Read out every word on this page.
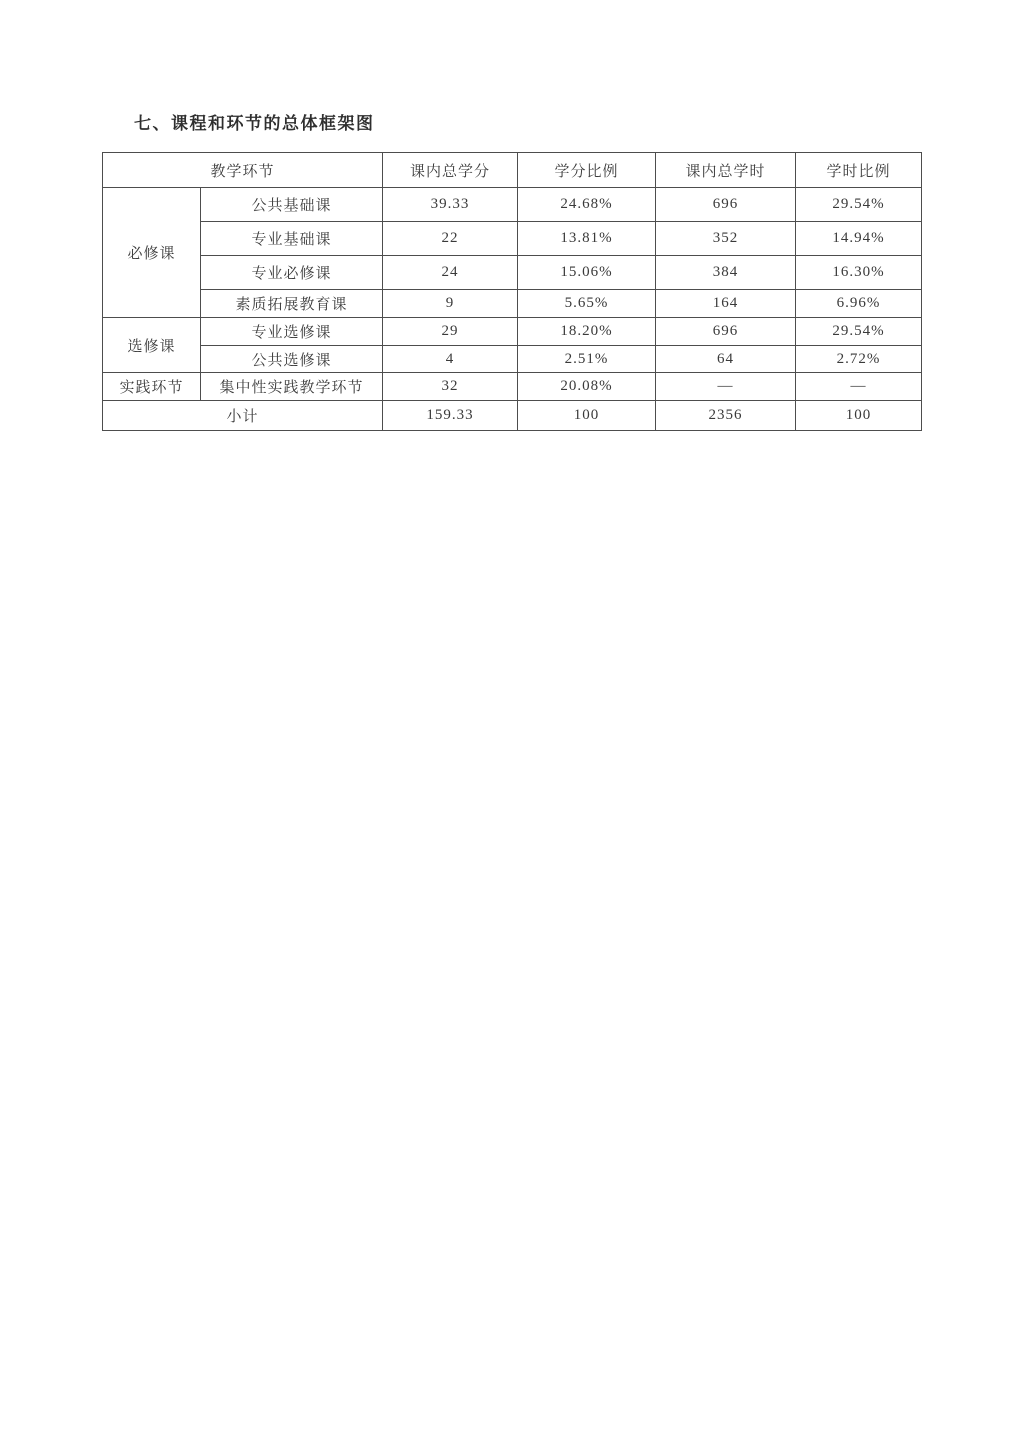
七、课程和环节的总体框架图
教学环节		课内总学分	学分比例	课内总学时	学时比例
必修课	公共基础课	39.33	24.68%	696	29.54%
	专业基础课	22	13.81%	352	14.94%
	专业必修课	24	15.06%	384	16.30%
	素质拓展教育课	9	5.65%	164	6.96%
选修课	专业选修课	29	18.20%	696	29.54%
	公共选修课	4	2.51%	64	2.72%
实践环节	集中性实践教学环节	32	20.08%	—	—
小计		159.33	100	2356	100
